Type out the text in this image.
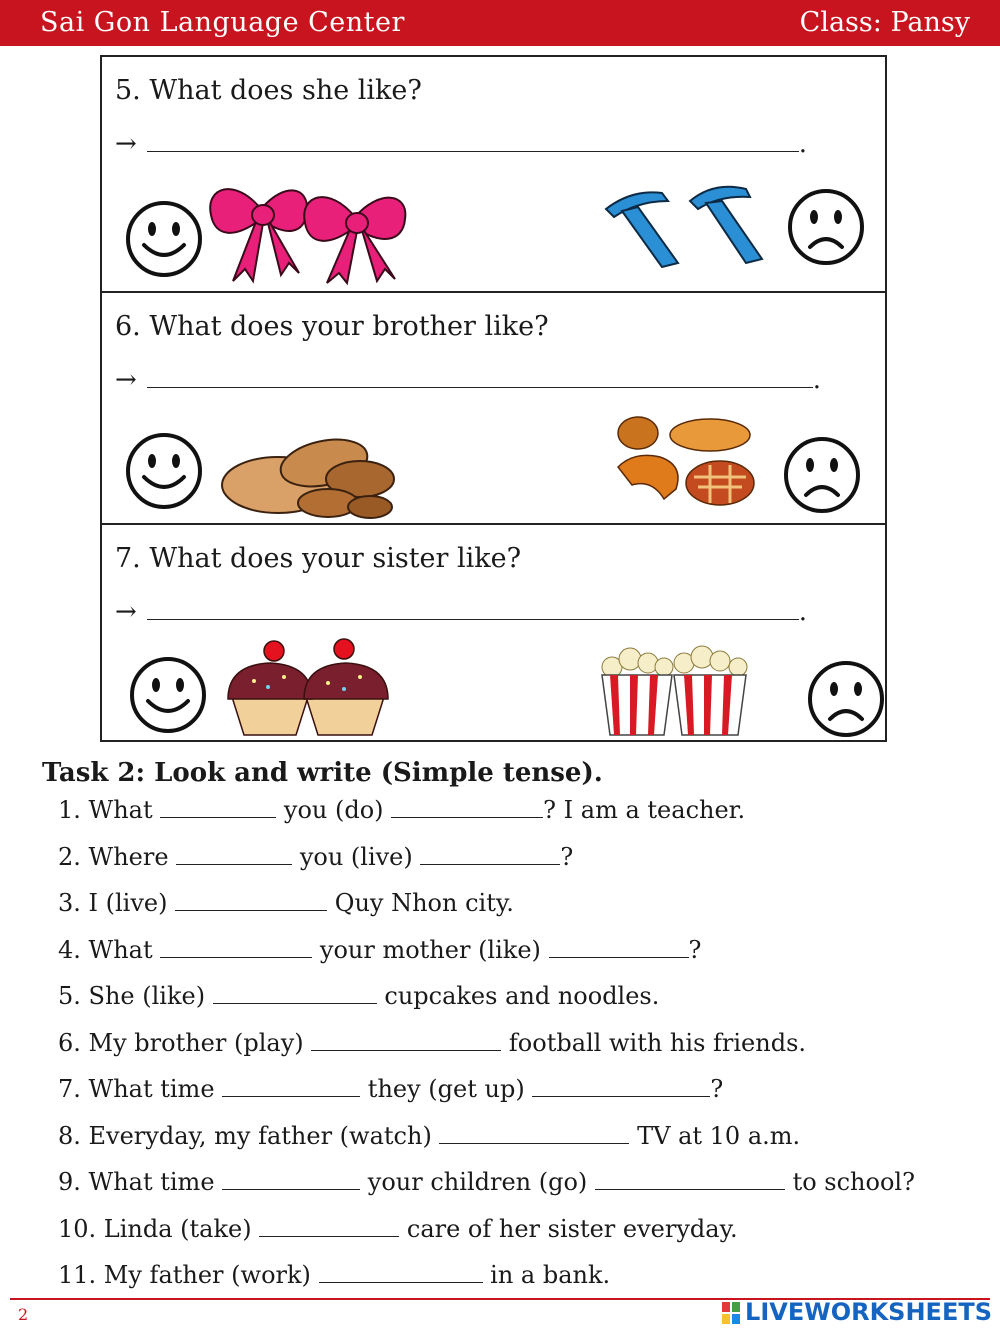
Sai Gon Language Center	Class: Pansy
5. What does she like?
→	.
6. What does your brother like?
→	.
7. What does your sister like?
→	.
Task 2: Look and write (Simple tense).
1. What	you (do)	? I am a teacher.
2. Where	you (live)	?
3. I (live)	Quy Nhon city.
4. What	your mother (like)	?
5. She (like)	cupcakes and noodles.
6. My brother (play)	football with his friends.
7. What time	they (get up)	?
8. Everyday, my father (watch)	TV at 10 a.m.
9. What time	your children (go)	to school?
10. Linda (take)	care of her sister everyday.
11. My father (work)	in a bank.
2	LIVEWORKSHEETS
